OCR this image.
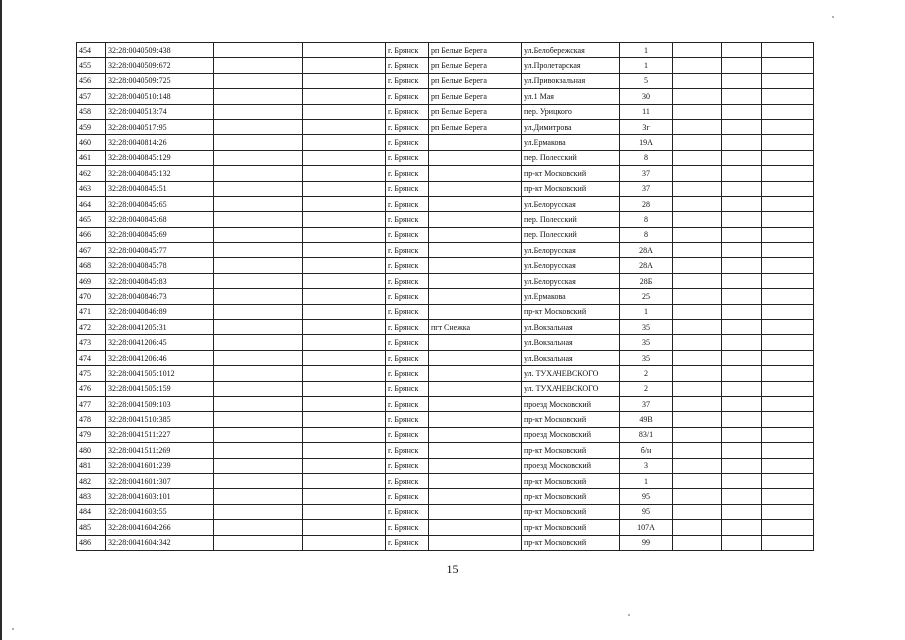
454	32:28:0040509:438			г. Брянск	рп Белые Берега	ул.Белобережская	1			
455	32:28:0040509:672			г. Брянск	рп Белые Берега	ул.Пролетарская	1			
456	32:28:0040509:725			г. Брянск	рп Белые Берега	ул.Привокзальная	5			
457	32:28:0040510:148			г. Брянск	рп Белые Берега	ул.1 Мая	30			
458	32:28:0040513:74			г. Брянск	рп Белые Берега	пер. Урицкого	11			
459	32:28:0040517:95			г. Брянск	рп Белые Берега	ул.Димитрова	3г			
460	32:28:0040814:26			г. Брянск		ул.Ермакова	19А			
461	32:28:0040845:129			г. Брянск		пер. Полесский	8			
462	32:28:0040845:132			г. Брянск		пр-кт Московский	37			
463	32:28:0040845:51			г. Брянск		пр-кт Московский	37			
464	32:28:0040845:65			г. Брянск		ул.Белорусская	28			
465	32:28:0040845:68			г. Брянск		пер. Полесский	8			
466	32:28:0040845:69			г. Брянск		пер. Полесский	8			
467	32:28:0040845:77			г. Брянск		ул.Белорусская	28А			
468	32:28:0040845:78			г. Брянск		ул.Белорусская	28А			
469	32:28:0040845:83			г. Брянск		ул.Белорусская	28Б			
470	32:28:0040846:73			г. Брянск		ул.Ермакова	25			
471	32:28:0040846:89			г. Брянск		пр-кт Московский	1			
472	32:28:0041205:31			г. Брянск	пгт Снежка	ул.Вокзальная	35			
473	32:28:0041206:45			г. Брянск		ул.Вокзальная	35			
474	32:28:0041206:46			г. Брянск		ул.Вокзальная	35			
475	32:28:0041505:1012			г. Брянск		ул. ТУХАЧЕВСКОГО	2			
476	32:28:0041505:159			г. Брянск		ул. ТУХАЧЕВСКОГО	2			
477	32:28:0041509:103			г. Брянск		проезд Московский	37			
478	32:28:0041510:385			г. Брянск		пр-кт Московский	49В			
479	32:28:0041511:227			г. Брянск		проезд Московский	83/1			
480	32:28:0041511:269			г. Брянск		пр-кт Московский	б/н			
481	32:28:0041601:239			г. Брянск		проезд Московский	3			
482	32:28:0041601:307			г. Брянск		пр-кт Московский	1			
483	32:28:0041603:101			г. Брянск		пр-кт Московский	95			
484	32:28:0041603:55			г. Брянск		пр-кт Московский	95			
485	32:28:0041604:266			г. Брянск		пр-кт Московский	107А			
486	32:28:0041604:342			г. Брянск		пр-кт Московский	99			
15
